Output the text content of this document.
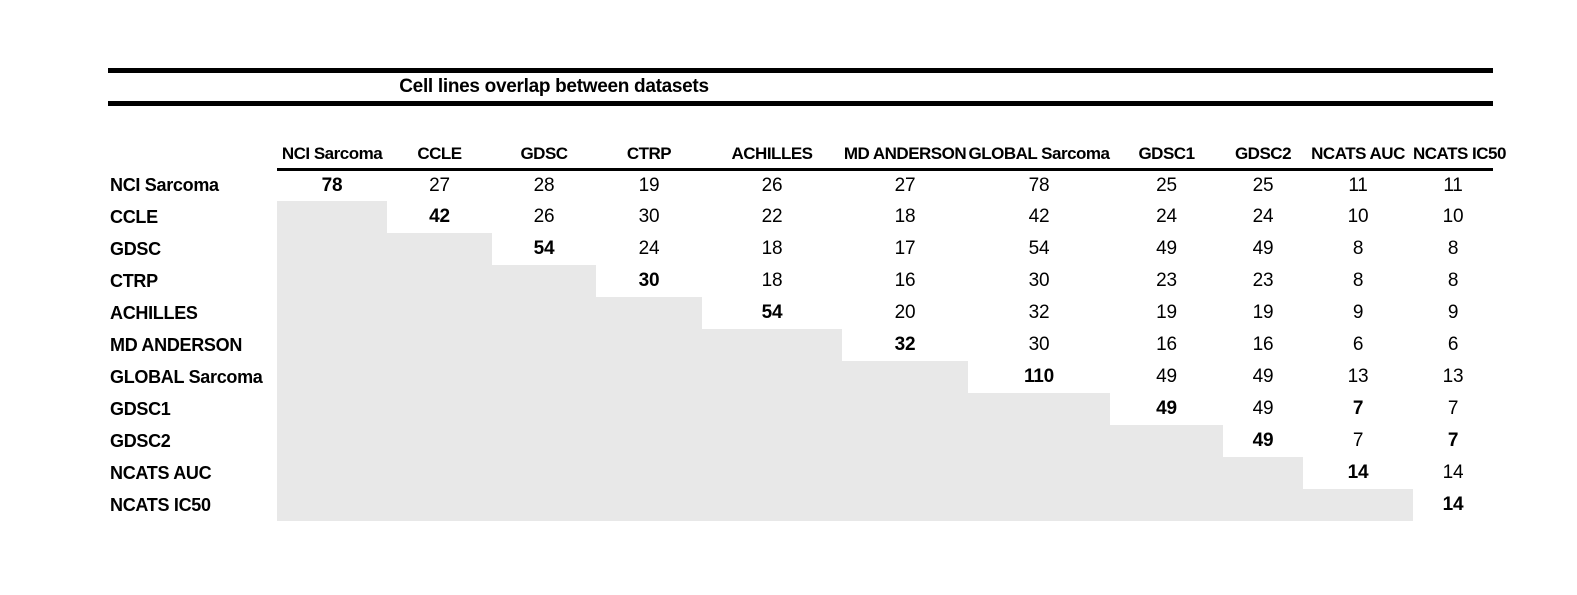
Cell lines overlap between datasets
	NCI Sarcoma	CCLE	GDSC	CTRP	ACHILLES	MD ANDERSON	GLOBAL Sarcoma	GDSC1	GDSC2	NCATS AUC	NCATS IC50
NCI Sarcoma	78	27	28	19	26	27	78	25	25	11	11
CCLE		42	26	30	22	18	42	24	24	10	10
GDSC			54	24	18	17	54	49	49	8	8
CTRP				30	18	16	30	23	23	8	8
ACHILLES					54	20	32	19	19	9	9
MD ANDERSON						32	30	16	16	6	6
GLOBAL Sarcoma							110	49	49	13	13
GDSC1								49	49	7	7
GDSC2									49	7	7
NCATS AUC										14	14
NCATS IC50											14
